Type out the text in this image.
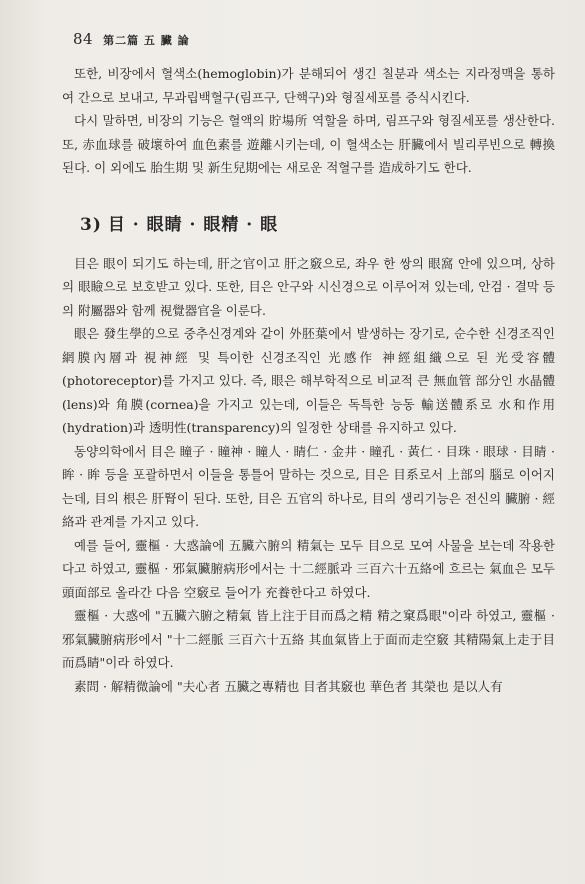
84 第二篇 五 臟 論

또한, 비장에서 혈색소(hemoglobin)가 분해되어 생긴 칠분과 색소는 지라정맥을 통하여 간으로 보내고, 무과립백혈구(림프구, 단핵구)와 형질세포를 증식시킨다.

다시 말하면, 비장의 기능은 혈액의 貯場所 역할을 하며, 림프구와 형질세포를 생산한다. 또, 赤血球를 破壞하여 血色素를 遊離시키는데, 이 혈색소는 肝臟에서 빌리루빈으로 轉換된다. 이 외에도 胎生期 및 新生兒期에는 새로운 적혈구를 造成하기도 한다.

3) 目 · 眼睛 · 眼精 · 眼

目은 眼이 되기도 하는데, 肝之官이고 肝之竅으로, 좌우 한 쌍의 眼窩 안에 있으며, 상하의 眼瞼으로 보호받고 있다. 또한, 目은 안구와 시신경으로 이루어져 있는데, 안검 · 결막 등의 附屬器와 함께 視覺器官을 이룬다.

眼은 發生學的으로 중추신경계와 같이 外胚葉에서 발생하는 장기로, 순수한 신경조직인 網膜內層과 視神經 및 특이한 신경조직인 光感作 神經組織으로 된 光受容體(photoreceptor)를 가지고 있다. 즉, 眼은 해부학적으로 비교적 큰 無血管 部分인 水晶體(lens)와 角膜(cornea)을 가지고 있는데, 이들은 독특한 능동 輸送體系로 水和作用(hydration)과 透明性(transparency)의 일정한 상태를 유지하고 있다.

동양의학에서 目은 瞳子 · 瞳神 · 瞳人 · 睛仁 · 金井 · 瞳孔 · 黃仁 · 目珠 · 眼球 · 目睛 · 眸 · 眸 등을 포괄하면서 이들을 통틀어 말하는 것으로, 目은 目系로서 上部의 腦로 이어지는데, 目의 根은 肝腎이 된다. 또한, 目은 五官의 하나로, 目의 생리기능은 전신의 臟腑 · 經絡과 관계를 가지고 있다.

예를 들어, 靈樞 · 大惑論에 五臟六腑의 精氣는 모두 目으로 모여 사물을 보는데 작용한다고 하였고, 靈樞 · 邪氣臟腑病形에서는 十二經脈과 三百六十五絡에 흐르는 氣血은 모두 頭面部로 올라간 다음 空竅로 들어가 充養한다고 하였다.

靈樞 · 大惑에 "五臟六腑之精氣 皆上注于目而爲之精 精之窠爲眼"이라 하였고, 靈樞 · 邪氣臟腑病形에서 "十二經脈 三百六十五絡 其血氣皆上于面而走空竅 其精陽氣上走于目而爲睛"이라 하였다.

素問 · 解精微論에 "夫心者 五臟之專精也 目者其竅也 華色者 其榮也 是以人有
